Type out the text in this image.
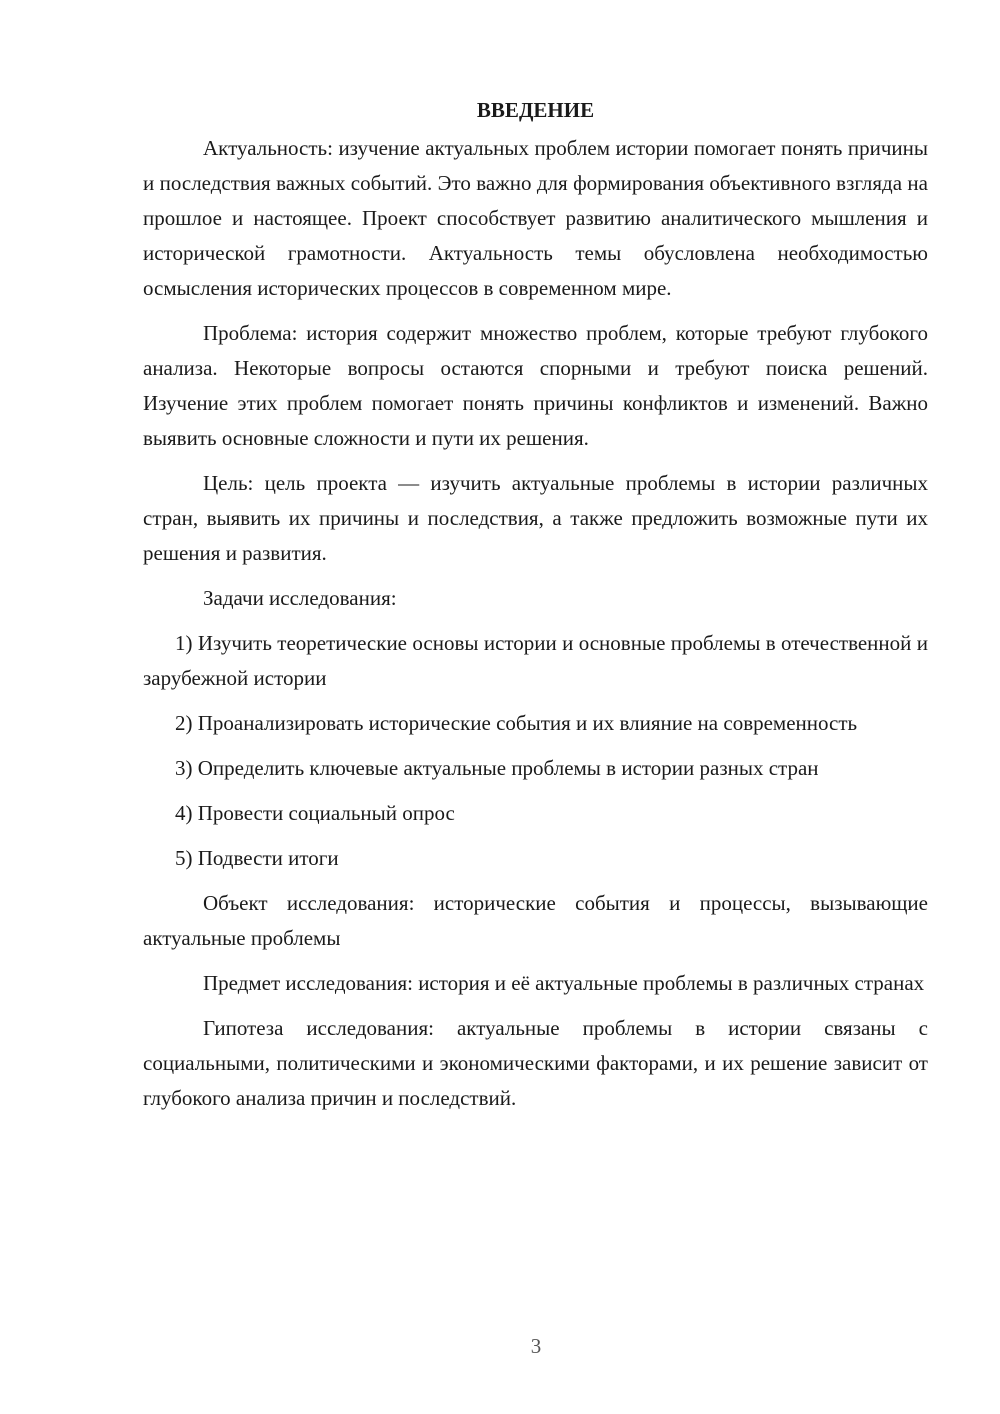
ВВЕДЕНИЕ

Актуальность: изучение актуальных проблем истории помогает понять причины и последствия важных событий. Это важно для формирования объективного взгляда на прошлое и настоящее. Проект способствует развитию аналитического мышления и исторической грамотности. Актуальность темы обусловлена необходимостью осмысления исторических процессов в современном мире.

Проблема: история содержит множество проблем, которые требуют глубокого анализа. Некоторые вопросы остаются спорными и требуют поиска решений. Изучение этих проблем помогает понять причины конфликтов и изменений. Важно выявить основные сложности и пути их решения.

Цель: цель проекта — изучить актуальные проблемы в истории различных стран, выявить их причины и последствия, а также предложить возможные пути их решения и развития.

Задачи исследования:

1) Изучить теоретические основы истории и основные проблемы в отечественной и зарубежной истории

2) Проанализировать исторические события и их влияние на современность

3) Определить ключевые актуальные проблемы в истории разных стран

4) Провести социальный опрос

5) Подвести итоги

Объект исследования: исторические события и процессы, вызывающие актуальные проблемы

Предмет исследования: история и её актуальные проблемы в различных странах

Гипотеза исследования: актуальные проблемы в истории связаны с социальными, политическими и экономическими факторами, и их решение зависит от глубокого анализа причин и последствий.

3
